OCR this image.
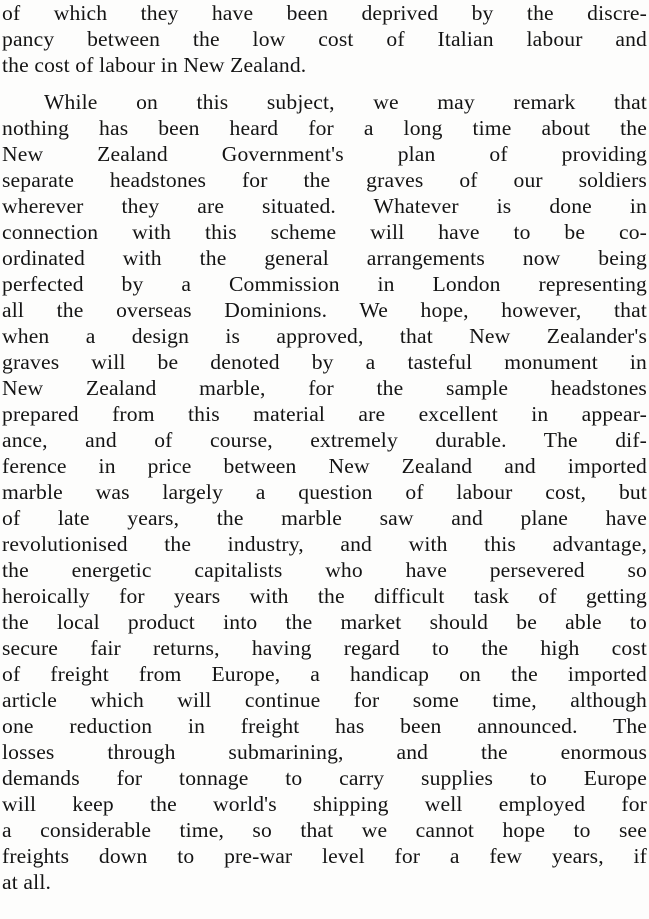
of which they have been deprived by the discre-
pancy between the low cost of Italian labour and
the cost of labour in New Zealand.
While on this subject, we may remark that
nothing has been heard for a long time about the
New Zealand Government's plan of providing
separate headstones for the graves of our soldiers
wherever they are situated. Whatever is done in
connection with this scheme will have to be co-
ordinated with the general arrangements now being
perfected by a Commission in London representing
all the overseas Dominions. We hope, however, that
when a design is approved, that New Zealander's
graves will be denoted by a tasteful monument in
New Zealand marble, for the sample headstones
prepared from this material are excellent in appear-
ance, and of course, extremely durable. The dif-
ference in price between New Zealand and imported
marble was largely a question of labour cost, but
of late years, the marble saw and plane have
revolutionised the industry, and with this advantage,
the energetic capitalists who have persevered so
heroically for years with the difficult task of getting
the local product into the market should be able to
secure fair returns, having regard to the high cost
of freight from Europe, a handicap on the imported
article which will continue for some time, although
one reduction in freight has been announced. The
losses through submarining, and the enormous
demands for tonnage to carry supplies to Europe
will keep the world's shipping well employed for
a considerable time, so that we cannot hope to see
freights down to pre-war level for a few years, if
at all.
